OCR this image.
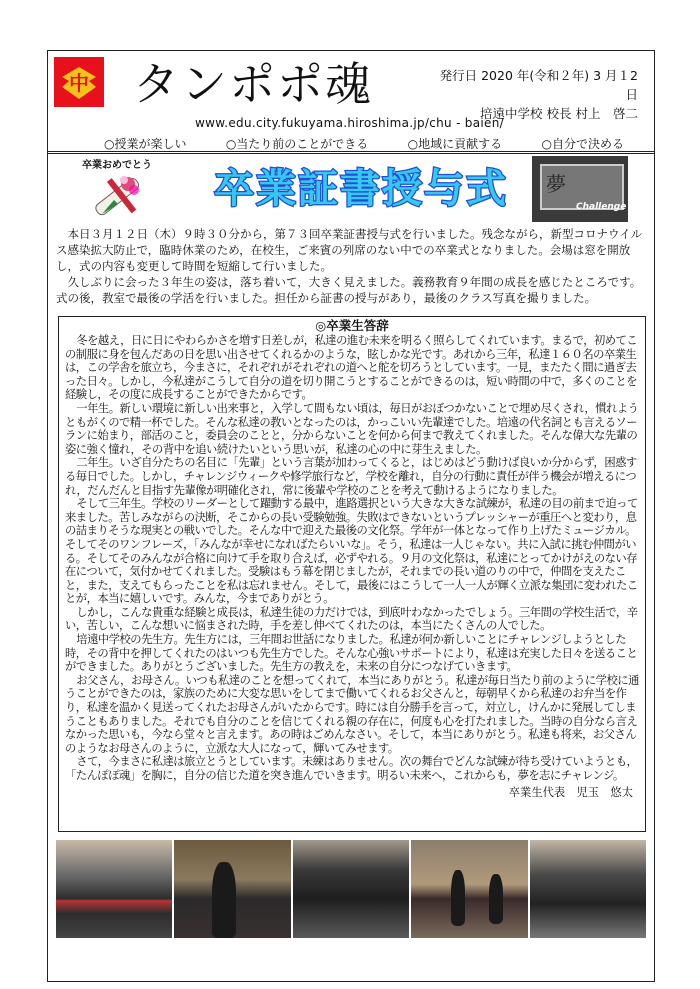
中 タンポポ魂	発行日 2020 年(令和２年) 3 月１2 日
培遠中学校 校長 村上　啓二
www.edu.city.fukuyama.hiroshima.jp/chu - baien/
○授業が楽しい	○当たり前のことができる	○地域に貢献する	○自分で決める
卒業おめでとう
卒業証書授与式 夢
Challenge

本日３月１２日（木）９時３０分から，第７３回卒業証書授与式を行いました。残念ながら，新型コロナウイルス感染拡大防止で，臨時休業のため，在校生，ご来賓の列席のない中での卒業式となりました。会場は窓を開放し，式の内容も変更して時間を短縮して行いました。

久しぶりに会った３年生の姿は，落ち着いて，大きく見えました。義務教育９年間の成長を感じたところです。式の後，教室で最後の学活を行いました。担任から証書の授与があり，最後のクラス写真を撮りました。

◎卒業生答辞

冬を越え，日に日にやわらかさを増す日差しが，私達の進む未来を明るく照らしてくれています。まるで，初めてこの制服に身を包んだあの日を思い出させてくれるかのような，眩しかな光です。あれから三年，私達１６０名の卒業生は，この学舎を旅立ち，今まさに，それぞれがそれぞれの道へと舵を切ろうとしています。一見，またたく間に過ぎ去った日々。しかし，今私達がこうして自分の道を切り開こうとすることができるのは，短い時間の中で，多くのことを経験し，その度に成長することができたからです。

一年生。新しい環境に新しい出来事と，入学して間もない頃は，毎日がおぼつかないことで埋め尽くされ，慣れようともがくので精一杯でした。そんな私達の教いとなったのは，かっこいい先輩達でした。培遠の代名詞とも言えるソーランに始まり，部活のこと，委員会のことと，分からないことを何から何まで教えてくれました。そんな偉大な先輩の姿に強く憧れ，その背中を追い続けたいという思いが，私達の心の中に芽生えました。

二年生。いざ自分たちの名目に「先輩」という言葉が加わってくると，はじめはどう動けば良いか分からず，困惑する毎日でした。しかし，チャレンジウィークや修学旅行など，学校を離れ，自分の行動に責任が伴う機会が増えるにつれ，だんだんと目指す先輩像が明確化され，常に後輩や学校のことを考えて動けるようになりました。

そして三年生。学校のリーダーとして躍動する最中，進路選択という大きな大きな試練が，私達の目の前まで迫って来ました。苦しみながらの決断，そこからの長い受験勉強。失敗はできないというプレッシャーが重圧へと変わり，息の詰まりそうな現実との戦いでした。そんな中で迎えた最後の文化祭。学年が一体となって作り上げたミュージカル。そしてそのワンフレーズ，「みんなが幸せになればたらいいな」。そう，私達は一人じゃない。共に入試に挑む仲間がいる。そしてそのみんなが合格に向けて手を取り合えば，必ずやれる。９月の文化祭は，私達にとってかけがえのない存在について，気付かせてくれました。受験はもう幕を閉じましたが，それまでの長い道のりの中で，仲間を支えたこと，また，支えてもらったことを私は忘れません。そして，最後にはこうして一人一人が輝く立派な集団に変われたことが，本当に嬉しいです。みんな，今までありがとう。

しかし，こんな貴重な経験と成長は，私達生徒の力だけでは，到底叶わなかったでしょう。三年間の学校生活で，辛い，苦しい，こんな想いに悩まされた時，手を差し伸べてくれたのは，本当にたくさんの人でした。

培遠中学校の先生方。先生方には，三年間お世話になりました。私達が何か新しいことにチャレンジしようとした時，その背中を押してくれたのはいつも先生方でした。そんな心強いサポートにより，私達は充実した日々を送ることができました。ありがとうございました。先生方の教えを，未来の自分につなげていきます。

お父さん，お母さん。いつも私達のことを想ってくれて，本当にありがとう。私達が毎日当たり前のように学校に通うことができたのは，家族のために大変な思いをしてまで働いてくれるお父さんと，毎朝早くから私達のお弁当を作り，私達を温かく見送ってくれたお母さんがいたからです。時には自分勝手を言って，対立し，けんかに発展してしまうこともありました。それでも自分のことを信じてくれる親の存在に，何度も心を打たれました。当時の自分なら言えなかった思いも，今なら堂々と言えます。あの時はごめんなさい。そして，本当にありがとう。私達も将来，お父さんのようなお母さんのように，立派な大人になって，輝いてみせます。

さて，今まさに私達は旅立とうとしています。未練はありません。次の舞台でどんな試練が待ち受けていようとも，「たんぽぽ魂」を胸に，自分の信じた道を突き進んでいきます。明るい未来へ，これからも，夢を志にチャレンジ。

卒業生代表　児玉　悠太
